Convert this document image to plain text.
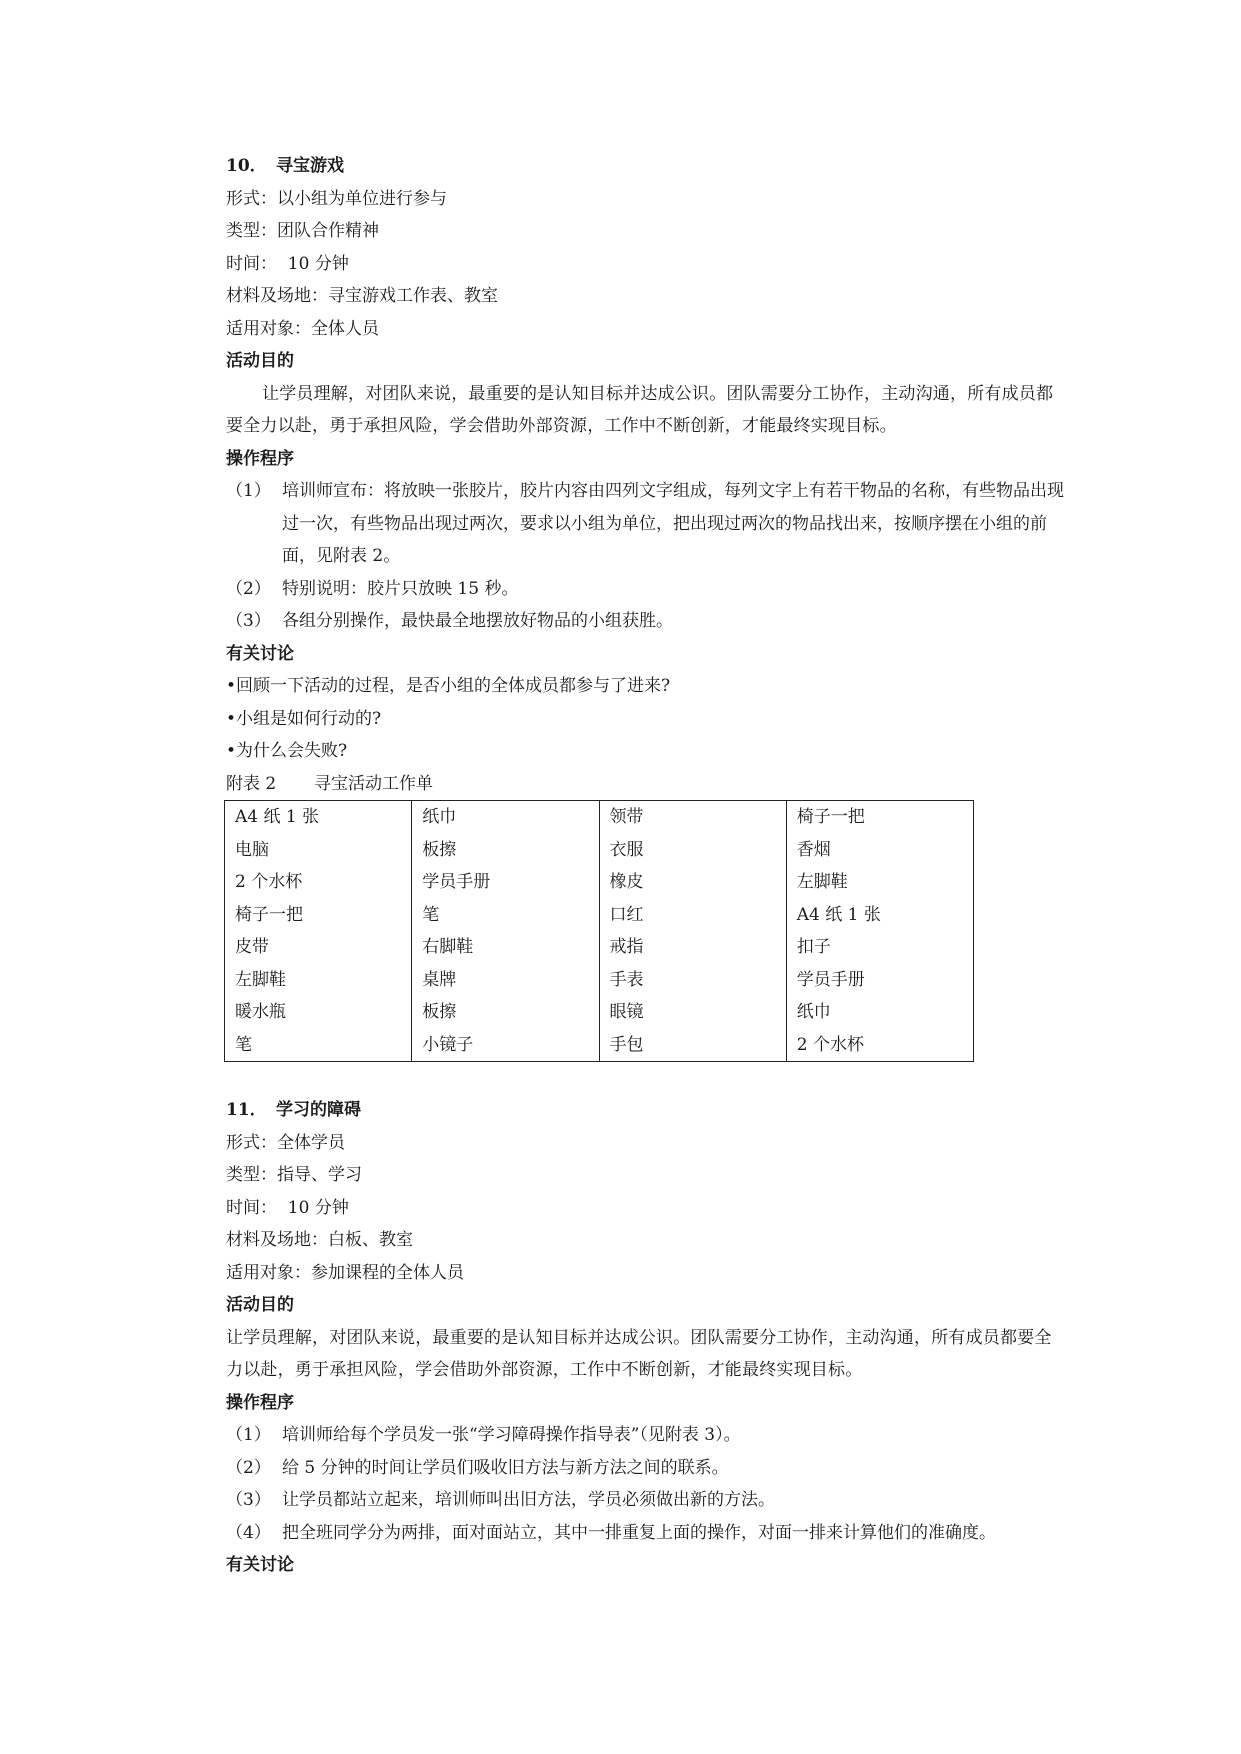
10． 寻宝游戏
形式：以小组为单位进行参与
类型：团队合作精神
时间：  10 分钟
材料及场地：寻宝游戏工作表、教室
适用对象：全体人员
活动目的
让学员理解，对团队来说，最重要的是认知目标并达成公识。团队需要分工协作，主动沟通，所有成员都要全力以赴，勇于承担风险，学会借助外部资源，工作中不断创新，才能最终实现目标。
操作程序
（1） 培训师宣布：将放映一张胶片，胶片内容由四列文字组成，每列文字上有若干物品的名称，有些物品出现过一次，有些物品出现过两次，要求以小组为单位，把出现过两次的物品找出来，按顺序摆在小组的前面，见附表 2。
（2） 特别说明：胶片只放映 15 秒。
（3） 各组分别操作，最快最全地摆放好物品的小组获胜。
有关讨论
•回顾一下活动的过程，是否小组的全体成员都参与了进来?
•小组是如何行动的?
•为什么会失败?
附表 2 寻宝活动工作单
A4 纸 1 张	纸巾	领带	椅子一把
电脑	板擦	衣服	香烟
2 个水杯	学员手册	橡皮	左脚鞋
椅子一把	笔	口红	A4 纸 1 张
皮带	右脚鞋	戒指	扣子
左脚鞋	桌牌	手表	学员手册
暖水瓶	板擦	眼镜	纸巾
笔	小镜子	手包	2 个水杯
11． 学习的障碍
形式：全体学员
类型：指导、学习
时间：  10 分钟
材料及场地：白板、教室
适用对象：参加课程的全体人员
活动目的
让学员理解，对团队来说，最重要的是认知目标并达成公识。团队需要分工协作，主动沟通，所有成员都要全力以赴，勇于承担风险，学会借助外部资源，工作中不断创新，才能最终实现目标。
操作程序
（1） 培训师给每个学员发一张“学习障碍操作指导表”（见附表 3）。
（2） 给 5 分钟的时间让学员们吸收旧方法与新方法之间的联系。
（3） 让学员都站立起来，培训师叫出旧方法，学员必须做出新的方法。
（4） 把全班同学分为两排，面对面站立，其中一排重复上面的操作，对面一排来计算他们的准确度。
有关讨论
